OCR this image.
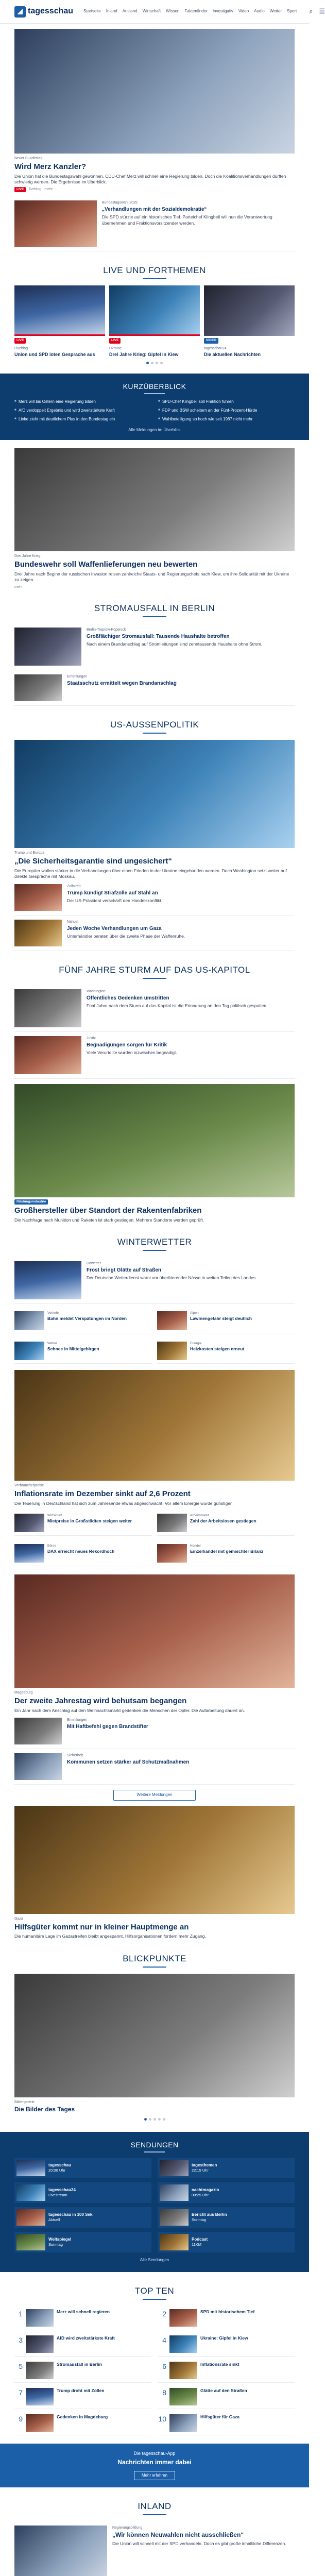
◢ tagesschau	Startseite Inland Ausland Wirtschaft Wissen Faktenfinder Investigativ Video Audio Wetter Sport ⌕ ☰
Neuer Bundestag
Wird Merz Kanzler?
Die Union hat die Bundestagswahl gewonnen, CDU-Chef Merz will schnell eine Regierung bilden. Doch die Koalitionsverhandlungen dürften schwierig werden. Die Ergebnisse im Überblick.
LIVE	liveblog · mehr
Bundestagswahl 2025
„Verhandlungen mit der Sozialdemokratie“
Die SPD stürzte auf ein historisches Tief. Parteichef Klingbeil will nun die Verantwortung übernehmen und Fraktionsvorsitzender werden.
LIVE UND FORTHEMEN
LIVE
Liveblog
Union und SPD loten Gespräche aus
LIVE
Ukraine
Drei Jahre Krieg: Gipfel in Kiew
VIDEO
tagesschau24
Die aktuellen Nachrichten
KURZÜBERBLICK
■ Merz will bis Ostern eine Regierung bilden	■ SPD-Chef Klingbeil soll Fraktion führen
■ AfD verdoppelt Ergebnis und wird zweitstärkste Kraft	■ FDP und BSW scheitern an der Fünf-Prozent-Hürde
■ Linke zieht mit deutlichem Plus in den Bundestag ein	■ Wahlbeteiligung so hoch wie seit 1987 nicht mehr
Alle Meldungen im Überblick
Drei Jahre Krieg
Bundeswehr soll Waffenlieferungen neu bewerten
Drei Jahre nach Beginn der russischen Invasion reisen zahlreiche Staats- und Regierungschefs nach Kiew, um ihre Solidarität mit der Ukraine zu zeigen.
mehr
STROMAUSFALL IN BERLIN
Berlin-Treptow-Köpenick
Großflächiger Stromausfall: Tausende Haushalte betroffen
Nach einem Brandanschlag auf Stromleitungen sind zehntausende Haushalte ohne Strom.
Ermittlungen
Staatsschutz ermittelt wegen Brandanschlag
US-AUSSENPOLITIK
Trump und Europa
„Die Sicherheitsgarantie sind ungesichert“
Die Europäer wollen stärker in die Verhandlungen über einen Frieden in der Ukraine eingebunden werden. Doch Washington setzt weiter auf direkte Gespräche mit Moskau.
Zollstreit
Trump kündigt Strafzölle auf Stahl an
Der US-Präsident verschärft den Handelskonflikt.
Nahost
Jeden Woche Verhandlungen um Gaza
Unterhändler beraten über die zweite Phase der Waffenruhe.
FÜNF JAHRE STURM AUF DAS US-KAPITOL
Washington
Öffentliches Gedenken umstritten
Fünf Jahre nach dem Sturm auf das Kapitol ist die Erinnerung an den Tag politisch gespalten.
Justiz
Begnadigungen sorgen für Kritik
Viele Verurteilte wurden inzwischen begnadigt.
Rüstungsindustrie
Großhersteller über Standort der Rakentenfabriken
Die Nachfrage nach Munition und Raketen ist stark gestiegen. Mehrere Standorte werden geprüft.
WINTERWETTER
Unwetter
Frost bringt Glätte auf Straßen
Der Deutsche Wetterdienst warnt vor überfrierender Nässe in weiten Teilen des Landes.
Verkehr
Bahn meldet Verspätungen im Norden
Alpen
Lawinengefahr steigt deutlich
Wetter
Schnee in Mittelgebirgen
Energie
Heizkosten steigen erneut
Verbraucherpreise
Inflationsrate im Dezember sinkt auf 2,6 Prozent
Die Teuerung in Deutschland hat sich zum Jahresende etwas abgeschwächt. Vor allem Energie wurde günstiger.
Wirtschaft
Mietpreise in Großstädten steigen weiter
Arbeitsmarkt
Zahl der Arbeitslosen gestiegen
Börse
DAX erreicht neues Rekordhoch
Handel
Einzelhandel mit gemischter Bilanz
Magdeburg
Der zweite Jahrestag wird behutsam begangen
Ein Jahr nach dem Anschlag auf den Weihnachtsmarkt gedenken die Menschen der Opfer. Die Aufarbeitung dauert an.
Ermittlungen
Mit Haftbefehl gegen Brandstifter
Sicherheit
Kommunen setzen stärker auf Schutzmaßnahmen
Weitere Meldungen
Gaza
Hilfsgüter kommt nur in kleiner Hauptmenge an
Die humanitäre Lage im Gazastreifen bleibt angespannt. Hilfsorganisationen fordern mehr Zugang.
BLICKPUNKTE
Bildergalerie
Die Bilder des Tages
SENDUNGEN
tagesschau
20:00 Uhr
tagesthemen
22:15 Uhr
tagesschau24
Livestream
nachtmagazin
00:25 Uhr
tagesschau in 100 Sek.
Aktuell
Bericht aus Berlin
Sonntag
Weltspiegel
Sonntag
Podcast
11KM
Alle Sendungen
TOP TEN
1	Merz will schnell regieren	2	SPD mit historischem Tief
3	AfD wird zweitstärkste Kraft	4	Ukraine: Gipfel in Kiew
5	Stromausfall in Berlin	6	Inflationsrate sinkt
7	Trump droht mit Zöllen	8	Glätte auf den Straßen
9	Gedenken in Magdeburg	10	Hilfsgüter für Gaza
Die tagesschau-App
Nachrichten immer dabei
Mehr erfahren
INLAND
Regierungsbildung
„Wir können Neuwahlen nicht ausschließen“
Die Union will schnell mit der SPD verhandeln. Doch es gibt große inhaltliche Differenzen.
